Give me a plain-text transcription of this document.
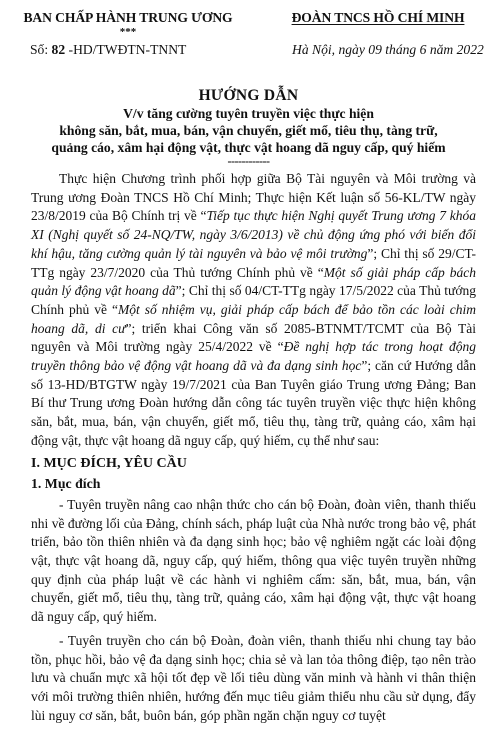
BAN CHẤP HÀNH TRUNG ƯƠNG
***
ĐOÀN TNCS HỒ CHÍ MINH
Số: 82 -HD/TWĐTN-TNNT	Hà Nội, ngày 09 tháng 6 năm 2022
HƯỚNG DẪN
V/v tăng cường tuyên truyền việc thực hiện
không săn, bắt, mua, bán, vận chuyển, giết mổ, tiêu thụ, tàng trữ,
quảng cáo, xâm hại động vật, thực vật hoang dã nguy cấp, quý hiếm
------------

Thực hiện Chương trình phối hợp giữa Bộ Tài nguyên và Môi trường và Trung ương Đoàn TNCS Hồ Chí Minh; Thực hiện Kết luận số 56-KL/TW ngày 23/8/2019 của Bộ Chính trị về “Tiếp tục thực hiện Nghị quyết Trung ương 7 khóa XI (Nghị quyết số 24-NQ/TW, ngày 3/6/2013) về chủ động ứng phó với biến đổi khí hậu, tăng cường quản lý tài nguyên và bảo vệ môi trường”; Chỉ thị số 29/CT-TTg ngày 23/7/2020 của Thủ tướng Chính phủ về “Một số giải pháp cấp bách quản lý động vật hoang dã”; Chỉ thị số 04/CT-TTg ngày 17/5/2022 của Thủ tướng Chính phủ về “Một số nhiệm vụ, giải pháp cấp bách để bảo tồn các loài chim hoang dã, di cư”; triển khai Công văn số 2085-BTNMT/TCMT của Bộ Tài nguyên và Môi trường ngày 25/4/2022 về “Đề nghị hợp tác trong hoạt động truyền thông bảo vệ động vật hoang dã và đa dạng sinh học”; căn cứ Hướng dẫn số 13-HD/BTGTW ngày 19/7/2021 của Ban Tuyên giáo Trung ương Đảng; Ban Bí thư Trung ương Đoàn hướng dẫn công tác tuyên truyền việc thực hiện không săn, bắt, mua, bán, vận chuyển, giết mổ, tiêu thụ, tàng trữ, quảng cáo, xâm hại động vật, thực vật hoang dã nguy cấp, quý hiếm, cụ thể như sau:

I. MỤC ĐÍCH, YÊU CẦU

1. Mục đích

- Tuyên truyền nâng cao nhận thức cho cán bộ Đoàn, đoàn viên, thanh thiếu nhi về đường lối của Đảng, chính sách, pháp luật của Nhà nước trong bảo vệ, phát triển, bảo tồn thiên nhiên và đa dạng sinh học; bảo vệ nghiêm ngặt các loài động vật, thực vật hoang dã, nguy cấp, quý hiếm, thông qua việc tuyên truyền những quy định của pháp luật về các hành vi nghiêm cấm: săn, bắt, mua, bán, vận chuyển, giết mổ, tiêu thụ, tàng trữ, quảng cáo, xâm hại động vật, thực vật hoang dã nguy cấp, quý hiếm.

- Tuyên truyền cho cán bộ Đoàn, đoàn viên, thanh thiếu nhi chung tay bảo tồn, phục hồi, bảo vệ đa dạng sinh học; chia sẻ và lan tỏa thông điệp, tạo nên trào lưu và chuẩn mực xã hội tốt đẹp về lối tiêu dùng văn minh và hành vi thân thiện với môi trường thiên nhiên, hướng đến mục tiêu giảm thiểu nhu cầu sử dụng, đẩy lùi nguy cơ săn, bắt, buôn bán, góp phần ngăn chặn nguy cơ tuyệt
